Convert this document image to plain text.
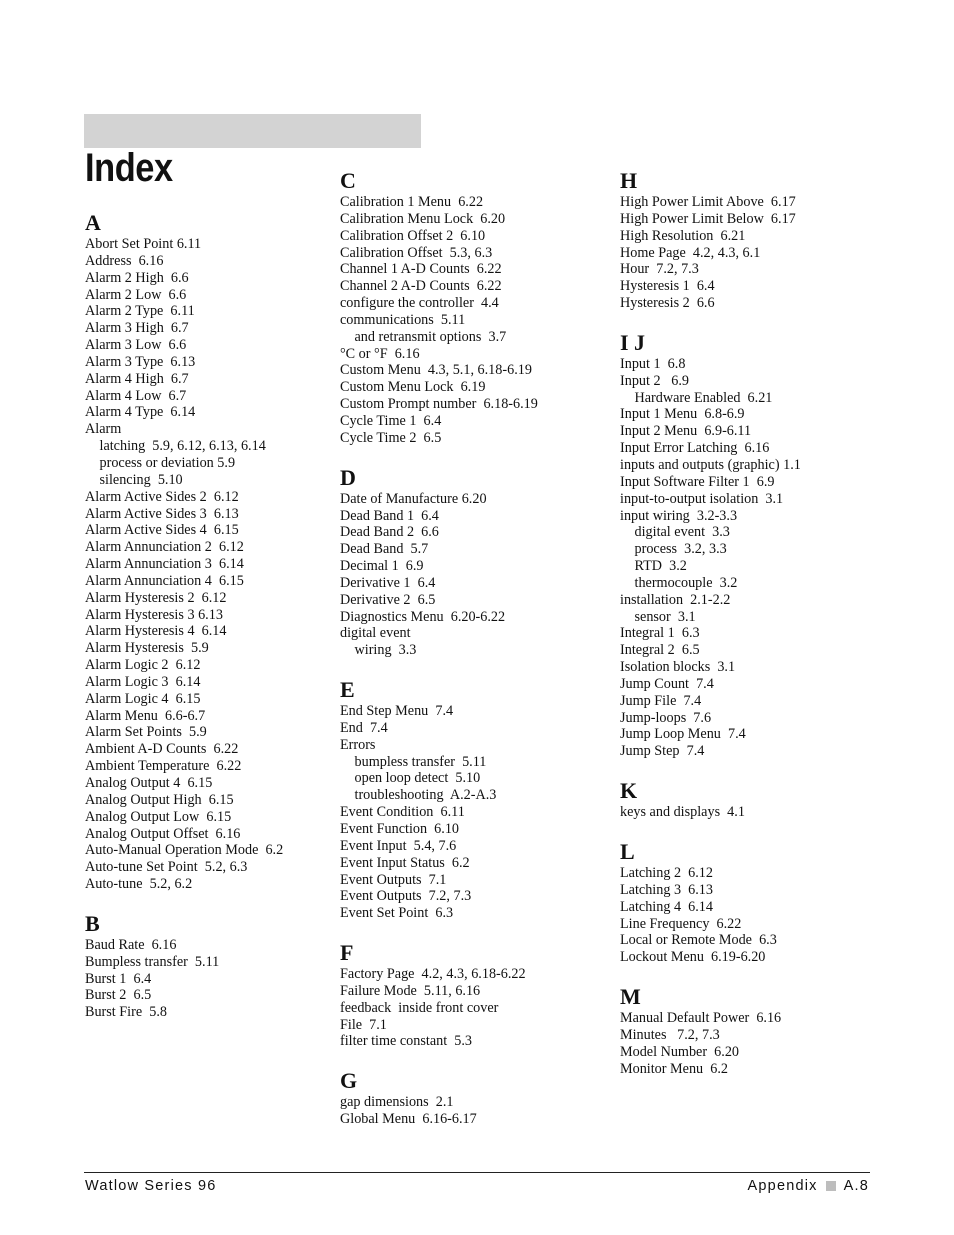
Index
A
Abort Set Point 6.11
Address  6.16
Alarm 2 High  6.6
Alarm 2 Low  6.6
Alarm 2 Type  6.11
Alarm 3 High  6.7
Alarm 3 Low  6.6
Alarm 3 Type  6.13
Alarm 4 High  6.7
Alarm 4 Low  6.7
Alarm 4 Type  6.14
Alarm
latching  5.9, 6.12, 6.13, 6.14
process or deviation 5.9
silencing  5.10
Alarm Active Sides 2  6.12
Alarm Active Sides 3  6.13
Alarm Active Sides 4  6.15
Alarm Annunciation 2  6.12
Alarm Annunciation 3  6.14
Alarm Annunciation 4  6.15
Alarm Hysteresis 2  6.12
Alarm Hysteresis 3 6.13
Alarm Hysteresis 4  6.14
Alarm Hysteresis  5.9
Alarm Logic 2  6.12
Alarm Logic 3  6.14
Alarm Logic 4  6.15
Alarm Menu  6.6-6.7
Alarm Set Points  5.9
Ambient A-D Counts  6.22
Ambient Temperature  6.22
Analog Output 4  6.15
Analog Output High  6.15
Analog Output Low  6.15
Analog Output Offset  6.16
Auto-Manual Operation Mode  6.2
Auto-tune Set Point  5.2, 6.3
Auto-tune  5.2, 6.2
B
Baud Rate  6.16
Bumpless transfer  5.11
Burst 1  6.4
Burst 2  6.5
Burst Fire  5.8
C
Calibration 1 Menu  6.22
Calibration Menu Lock  6.20
Calibration Offset 2  6.10
Calibration Offset  5.3, 6.3
Channel 1 A-D Counts  6.22
Channel 2 A-D Counts  6.22
configure the controller  4.4
communications  5.11
and retransmit options  3.7
°C or °F  6.16
Custom Menu  4.3, 5.1, 6.18-6.19
Custom Menu Lock  6.19
Custom Prompt number  6.18-6.19
Cycle Time 1  6.4
Cycle Time 2  6.5
D
Date of Manufacture 6.20
Dead Band 1  6.4
Dead Band 2  6.6
Dead Band  5.7
Decimal 1  6.9
Derivative 1  6.4
Derivative 2  6.5
Diagnostics Menu  6.20-6.22
digital event
wiring  3.3
E
End Step Menu  7.4
End  7.4
Errors
bumpless transfer  5.11
open loop detect  5.10
troubleshooting  A.2-A.3
Event Condition  6.11
Event Function  6.10
Event Input  5.4, 7.6
Event Input Status  6.2
Event Outputs  7.1
Event Outputs  7.2, 7.3
Event Set Point  6.3
F
Factory Page  4.2, 4.3, 6.18-6.22
Failure Mode  5.11, 6.16
feedback  inside front cover
File  7.1
filter time constant  5.3
G
gap dimensions  2.1
Global Menu  6.16-6.17
H
High Power Limit Above  6.17
High Power Limit Below  6.17
High Resolution  6.21
Home Page  4.2, 4.3, 6.1
Hour  7.2, 7.3
Hysteresis 1  6.4
Hysteresis 2  6.6
I J
Input 1  6.8
Input 2   6.9
Hardware Enabled  6.21
Input 1 Menu  6.8-6.9
Input 2 Menu  6.9-6.11
Input Error Latching  6.16
inputs and outputs (graphic) 1.1
Input Software Filter 1  6.9
input-to-output isolation  3.1
input wiring  3.2-3.3
digital event  3.3
process  3.2, 3.3
RTD  3.2
thermocouple  3.2
installation  2.1-2.2
sensor  3.1
Integral 1  6.3
Integral 2  6.5
Isolation blocks  3.1
Jump Count  7.4
Jump File  7.4
Jump-loops  7.6
Jump Loop Menu  7.4
Jump Step  7.4
K
keys and displays  4.1
L
Latching 2  6.12
Latching 3  6.13
Latching 4  6.14
Line Frequency  6.22
Local or Remote Mode  6.3
Lockout Menu  6.19-6.20
M
Manual Default Power  6.16
Minutes   7.2, 7.3
Model Number  6.20
Monitor Menu  6.2
Watlow Series 96	Appendix A.8
